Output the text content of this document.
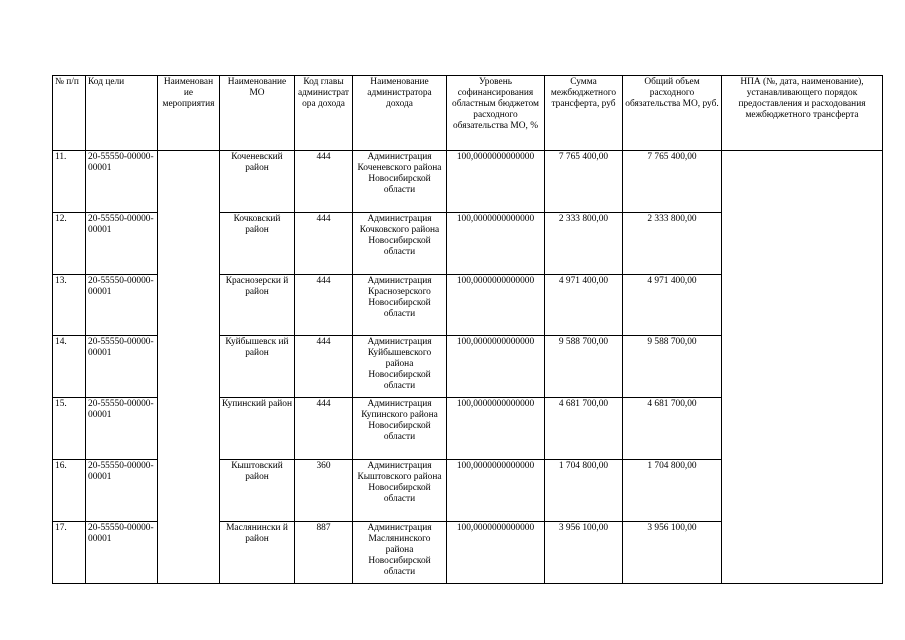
№ п/п	Код цели	Наименован ие мероприятия	Наименование МО	Код главы администрат ора дохода	Наименование администратора дохода	Уровень софинансирования областным бюджетом расходного обязательства МО, %	Сумма межбюджетного трансферта, руб	Общий объем расходного обязательства МО, руб.	НПА (№, дата, наименование), устанавливающего порядок предоставления и расходования межбюджетного трансферта
11.	20-55550-00000-00001		Коченевский район	444	Администрация Коченевского района Новосибирской области	100,0000000000000	7 765 400,00	7 765 400,00	
12.	20-55550-00000-00001		Кочковский район	444	Администрация Кочковского района Новосибирской области	100,0000000000000	2 333 800,00	2 333 800,00	
13.	20-55550-00000-00001		Краснозерски й район	444	Администрация Краснозерского Новосибирской области	100,0000000000000	4 971 400,00	4 971 400,00	
14.	20-55550-00000-00001		Куйбышевск ий район	444	Администрация Куйбышевского района Новосибирской области	100,0000000000000	9 588 700,00	9 588 700,00	
15.	20-55550-00000-00001		Купинский район	444	Администрация Купинского района Новосибирской области	100,0000000000000	4 681 700,00	4 681 700,00	
16.	20-55550-00000-00001		Кыштовский район	360	Администрация Кыштовского района Новосибирской области	100,0000000000000	1 704 800,00	1 704 800,00	
17.	20-55550-00000-00001		Маслянински й район	887	Администрация Маслянинского района Новосибирской области	100,0000000000000	3 956 100,00	3 956 100,00	
